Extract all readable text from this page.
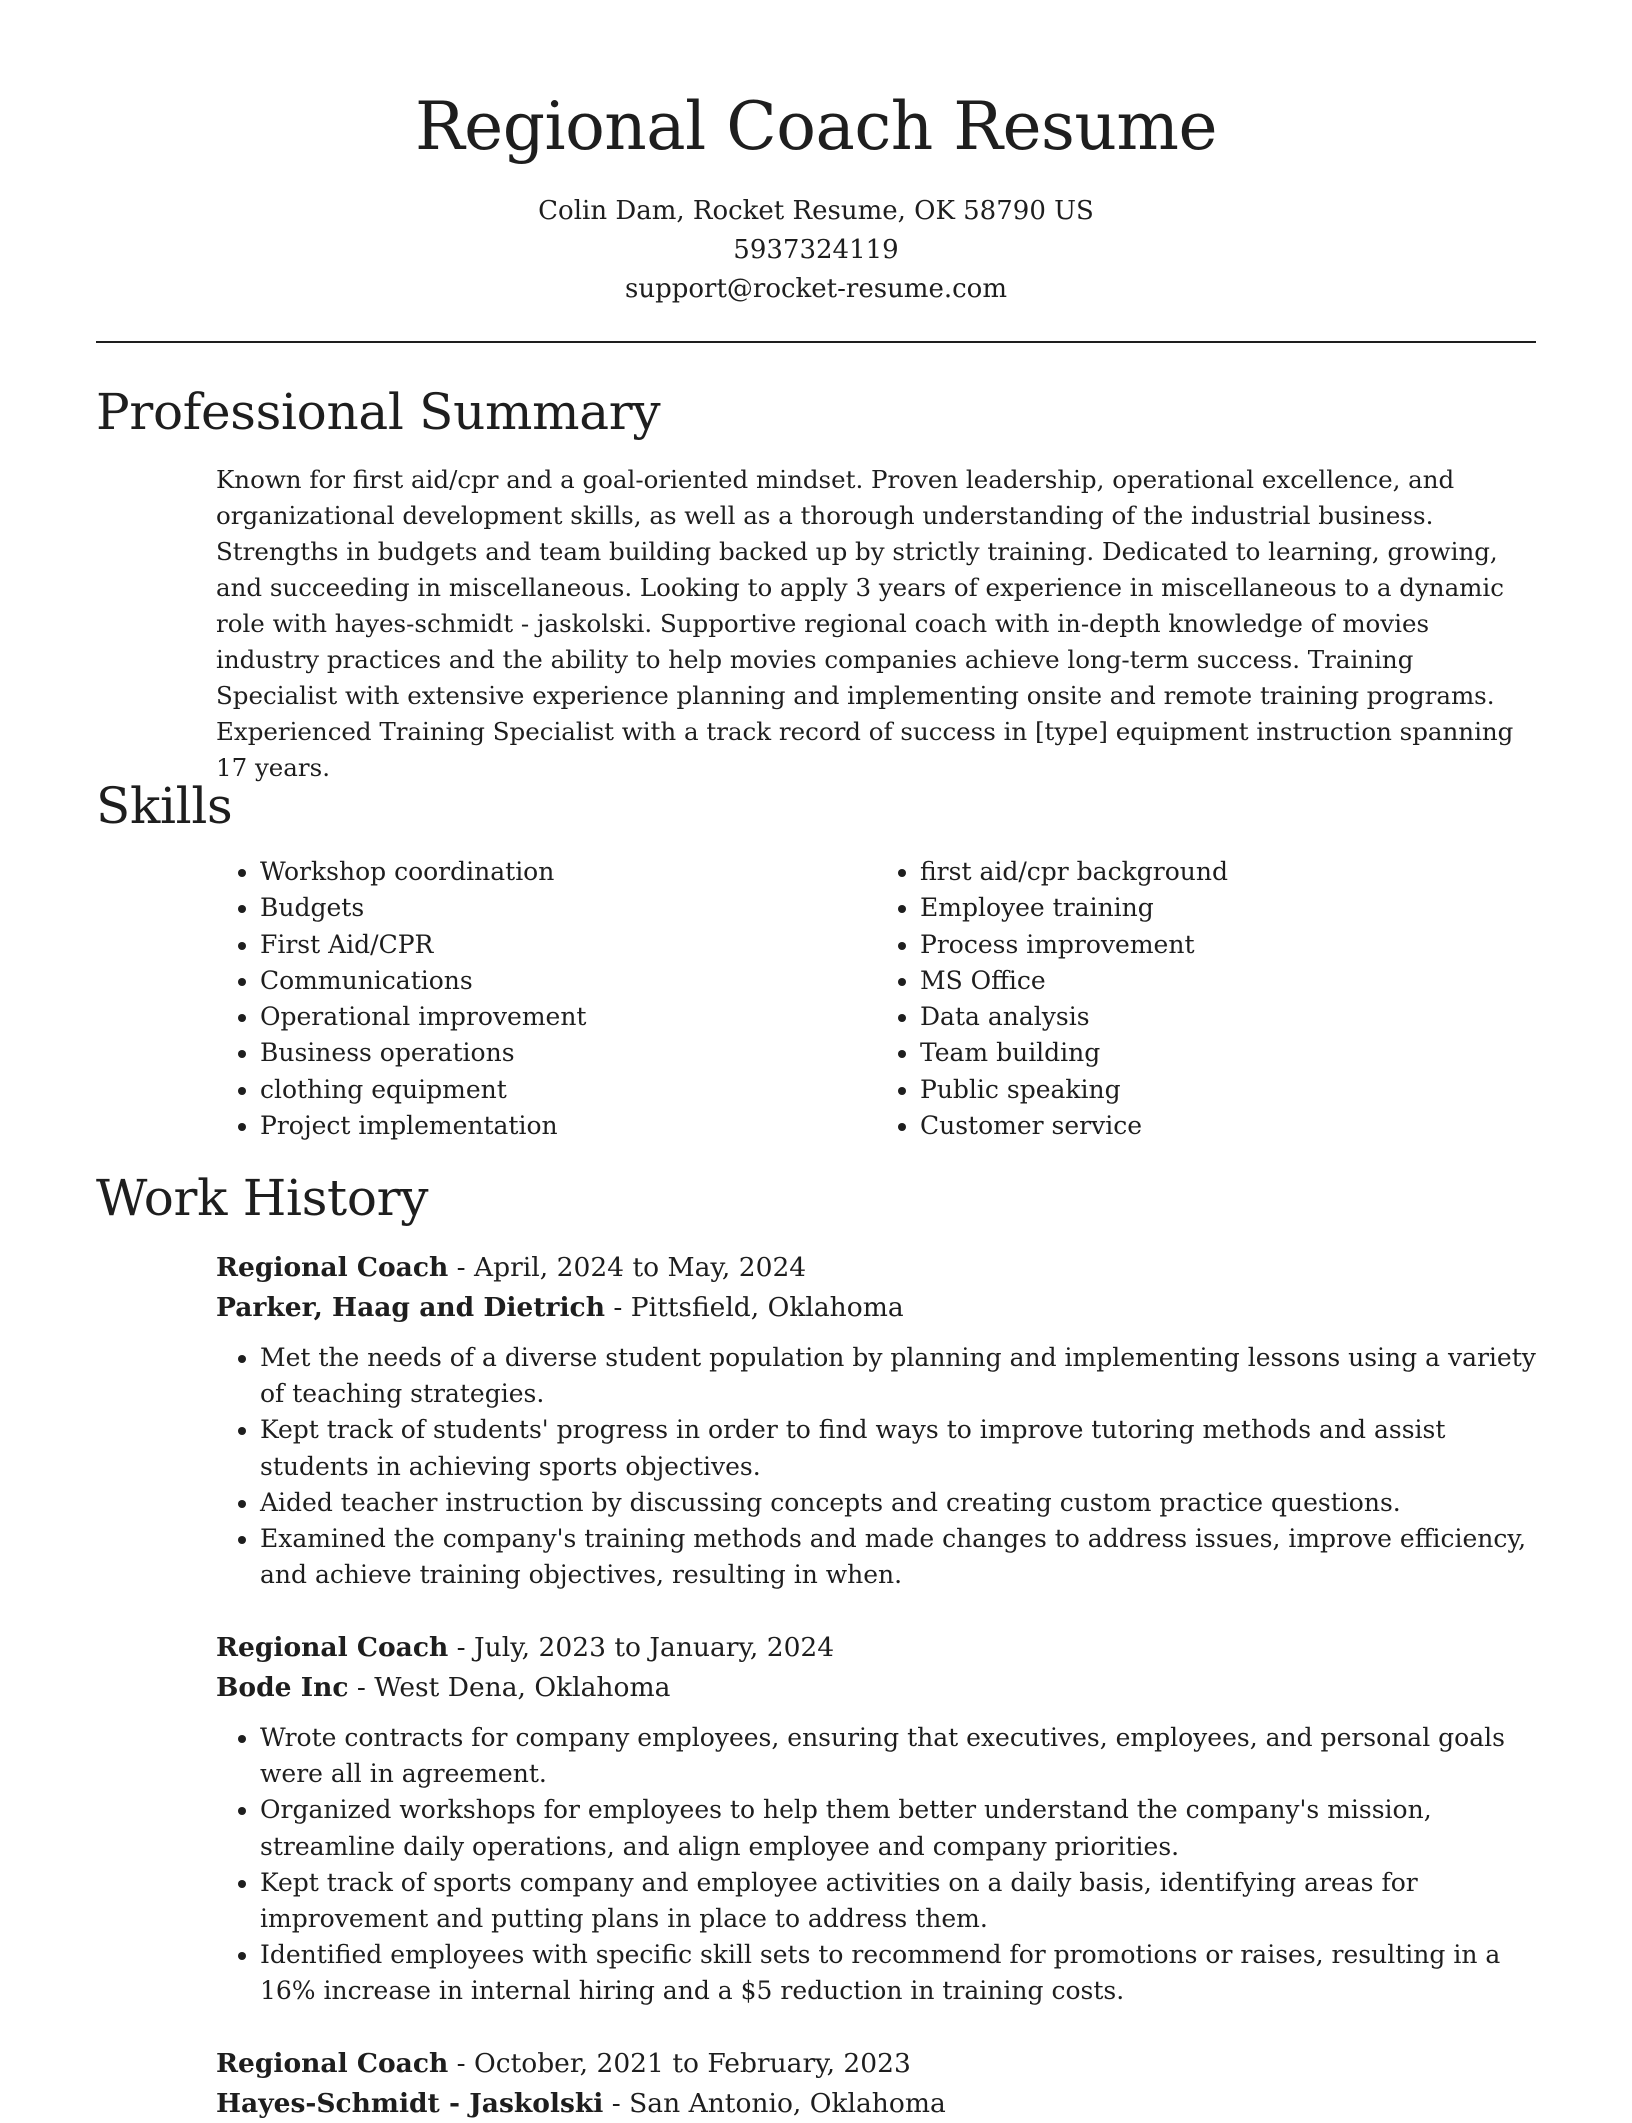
Regional Coach Resume
Colin Dam, Rocket Resume, OK 58790 US
5937324119
support@rocket-resume.com
Professional Summary

Known for first aid/cpr and a goal-oriented mindset. Proven leadership, operational excellence, and organizational development skills, as well as a thorough understanding of the industrial business. Strengths in budgets and team building backed up by strictly training. Dedicated to learning, growing, and succeeding in miscellaneous. Looking to apply 3 years of experience in miscellaneous to a dynamic role with hayes-schmidt - jaskolski. Supportive regional coach with in-depth knowledge of movies industry practices and the ability to help movies companies achieve long-term success. Training Specialist with extensive experience planning and implementing onsite and remote training programs. Experienced Training Specialist with a track record of success in [type] equipment instruction spanning 17 years.

Skills
• Workshop coordination
• Budgets
• First Aid/CPR
• Communications
• Operational improvement
• Business operations
• clothing equipment
• Project implementation
• first aid/cpr background
• Employee training
• Process improvement
• MS Office
• Data analysis
• Team building
• Public speaking
• Customer service
Work History
Regional Coach - April, 2024 to May, 2024
Parker, Haag and Dietrich - Pittsfield, Oklahoma
• Met the needs of a diverse student population by planning and implementing lessons using a variety of teaching strategies.
• Kept track of students' progress in order to find ways to improve tutoring methods and assist students in achieving sports objectives.
• Aided teacher instruction by discussing concepts and creating custom practice questions.
• Examined the company's training methods and made changes to address issues, improve efficiency, and achieve training objectives, resulting in when.
Regional Coach - July, 2023 to January, 2024
Bode Inc - West Dena, Oklahoma
• Wrote contracts for company employees, ensuring that executives, employees, and personal goals were all in agreement.
• Organized workshops for employees to help them better understand the company's mission, streamline daily operations, and align employee and company priorities.
• Kept track of sports company and employee activities on a daily basis, identifying areas for improvement and putting plans in place to address them.
• Identified employees with specific skill sets to recommend for promotions or raises, resulting in a 16% increase in internal hiring and a $5 reduction in training costs.
Regional Coach - October, 2021 to February, 2023
Hayes-Schmidt - Jaskolski - San Antonio, Oklahoma
